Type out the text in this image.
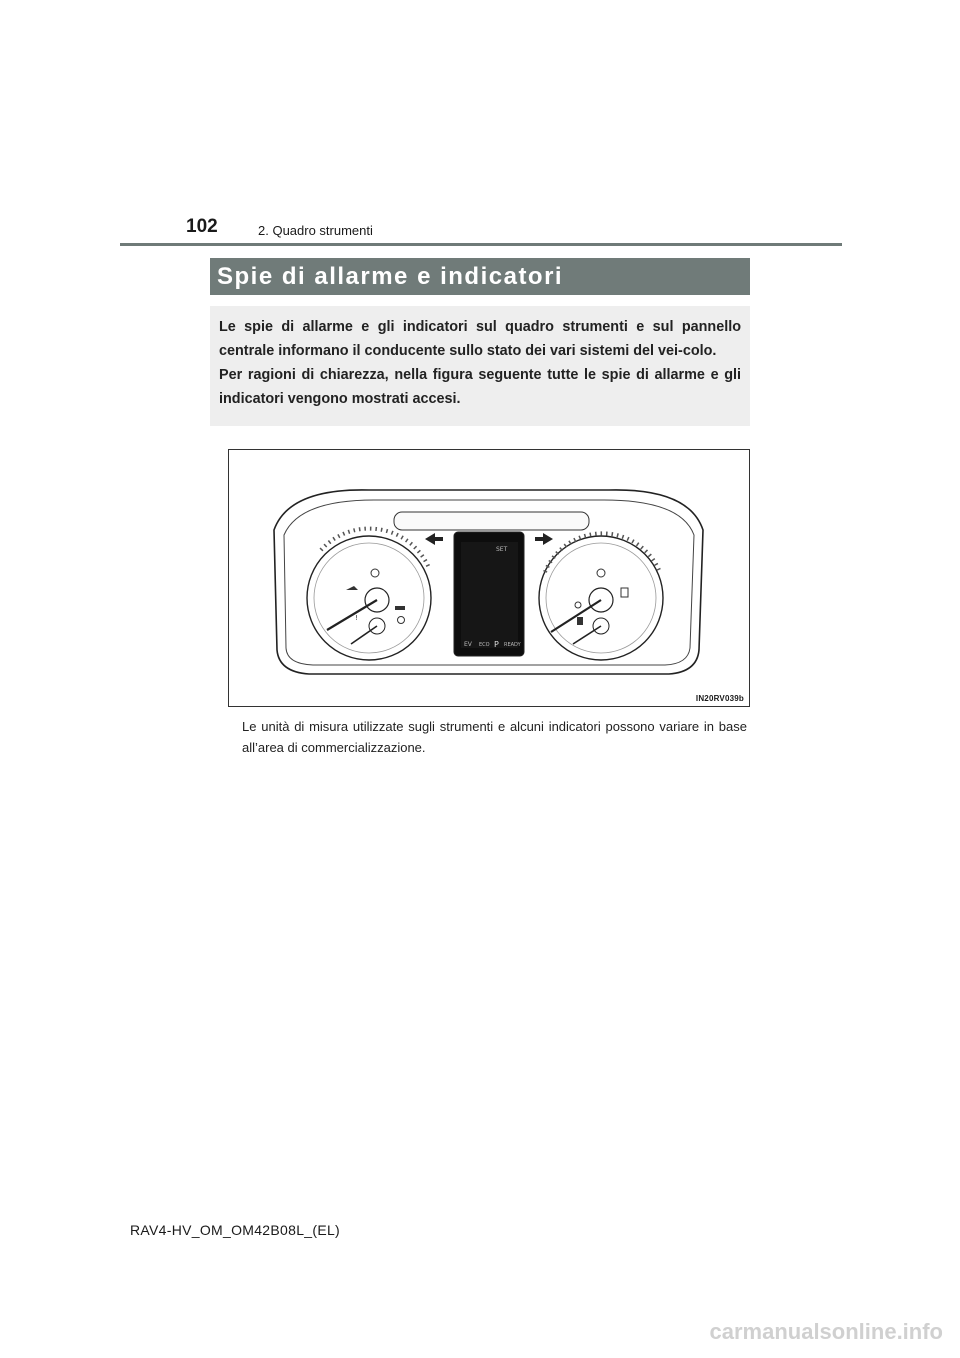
102	2. Quadro strumenti
Spie di allarme e indicatori

Le spie di allarme e gli indicatori sul quadro strumenti e sul pannello centrale informano il conducente sullo stato dei vari sistemi del vei-colo.

Per ragioni di chiarezza, nella figura seguente tutte le spie di allarme e gli indicatori vengono mostrati accesi.

!
SET
EV ECO P READY
IN20RV039b
Le unità di misura utilizzate sugli strumenti e alcuni indicatori possono variare in base all’area di commercializzazione.
RAV4-HV_OM_OM42B08L_(EL)
carmanualsonline.info
